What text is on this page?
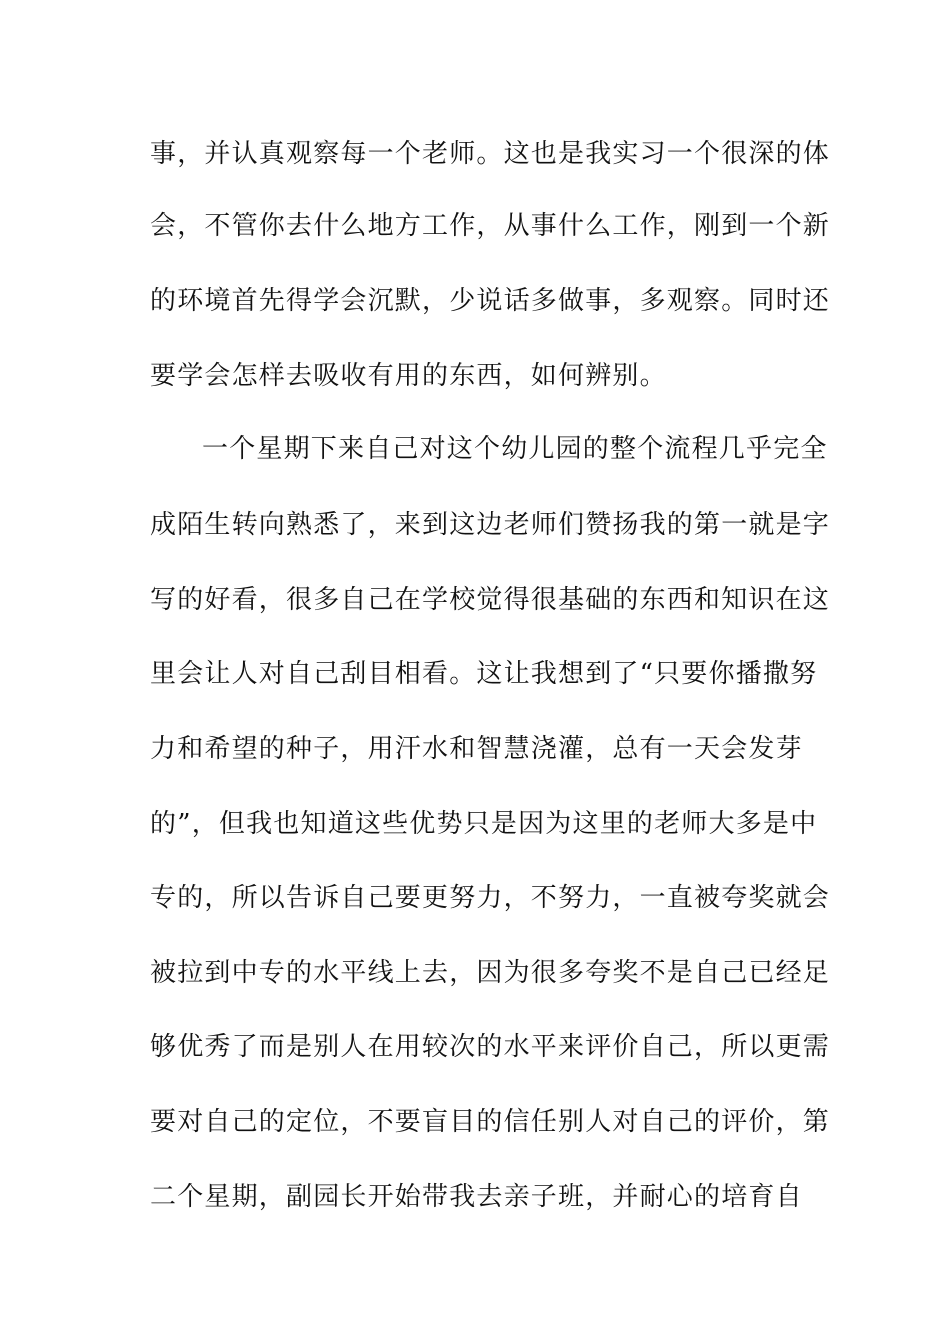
事，并认真观察每一个老师。这也是我实习一个很深的体
会，不管你去什么地方工作，从事什么工作，刚到一个新
的环境首先得学会沉默，少说话多做事，多观察。同时还
要学会怎样去吸收有用的东西，如何辨别。
一个星期下来自己对这个幼儿园的整个流程几乎完全
成陌生转向熟悉了，来到这边老师们赞扬我的第一就是字
写的好看，很多自己在学校觉得很基础的东西和知识在这
里会让人对自己刮目相看。这让我想到了“只要你播撒努
力和希望的种子，用汗水和智慧浇灌，总有一天会发芽
的”，但我也知道这些优势只是因为这里的老师大多是中
专的，所以告诉自己要更努力，不努力，一直被夸奖就会
被拉到中专的水平线上去，因为很多夸奖不是自己已经足
够优秀了而是别人在用较次的水平来评价自己，所以更需
要对自己的定位，不要盲目的信任别人对自己的评价，第
二个星期，副园长开始带我去亲子班，并耐心的培育自
